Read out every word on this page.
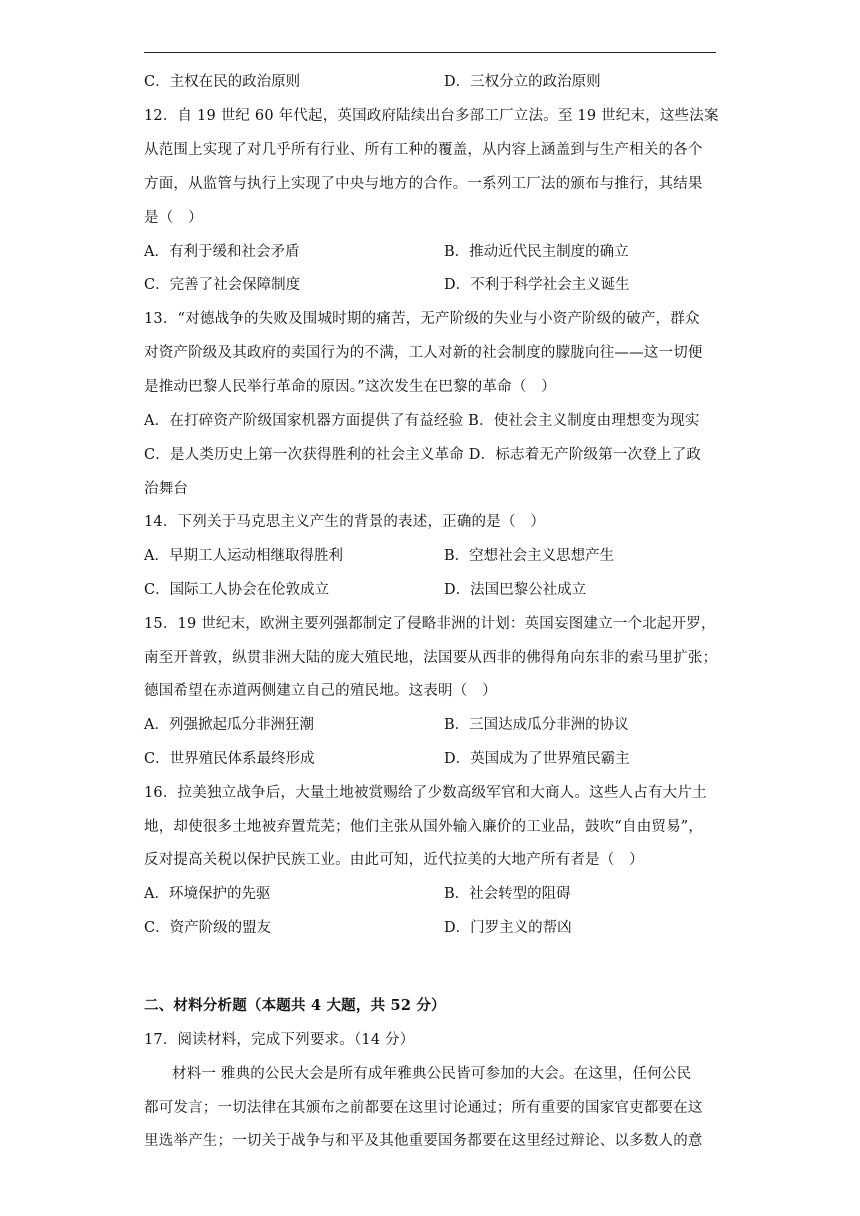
C．主权在民的政治原则	D．三权分立的政治原则
12．自 19 世纪 60 年代起，英国政府陆续出台多部工厂立法。至 19 世纪末，这些法案
从范围上实现了对几乎所有行业、所有工种的覆盖，从内容上涵盖到与生产相关的各个
方面，从监管与执行上实现了中央与地方的合作。一系列工厂法的颁布与推行，其结果
是（　）
A．有利于缓和社会矛盾	B．推动近代民主制度的确立
C．完善了社会保障制度	D．不利于科学社会主义诞生
13．“对德战争的失败及围城时期的痛苦，无产阶级的失业与小资产阶级的破产，群众
对资产阶级及其政府的卖国行为的不满，工人对新的社会制度的朦胧向往——这一切便
是推动巴黎人民举行革命的原因。”这次发生在巴黎的革命（　）
A．在打碎资产阶级国家机器方面提供了有益经验 B．使社会主义制度由理想变为现实
C．是人类历史上第一次获得胜利的社会主义革命 D．标志着无产阶级第一次登上了政
治舞台
14．下列关于马克思主义产生的背景的表述，正确的是（　）
A．早期工人运动相继取得胜利	B．空想社会主义思想产生
C．国际工人协会在伦敦成立	D．法国巴黎公社成立
15．19 世纪末，欧洲主要列强都制定了侵略非洲的计划：英国妄图建立一个北起开罗，
南至开普敦，纵贯非洲大陆的庞大殖民地，法国要从西非的佛得角向东非的索马里扩张；
德国希望在赤道两侧建立自己的殖民地。这表明（　）
A．列强掀起瓜分非洲狂潮	B．三国达成瓜分非洲的协议
C．世界殖民体系最终形成	D．英国成为了世界殖民霸主
16．拉美独立战争后，大量土地被赏赐给了少数高级军官和大商人。这些人占有大片土
地，却使很多土地被弃置荒芜；他们主张从国外输入廉价的工业品，鼓吹“自由贸易”，
反对提高关税以保护民族工业。由此可知，近代拉美的大地产所有者是（　）
A．环境保护的先驱	B．社会转型的阻碍
C．资产阶级的盟友	D．门罗主义的帮凶
二、材料分析题（本题共 4 大题，共 52 分）
17．阅读材料，完成下列要求。（14 分）
材料一 雅典的公民大会是所有成年雅典公民皆可参加的大会。在这里，任何公民
都可发言；一切法律在其颁布之前都要在这里讨论通过；所有重要的国家官吏都要在这
里选举产生；一切关于战争与和平及其他重要国务都要在这里经过辩论、以多数人的意
